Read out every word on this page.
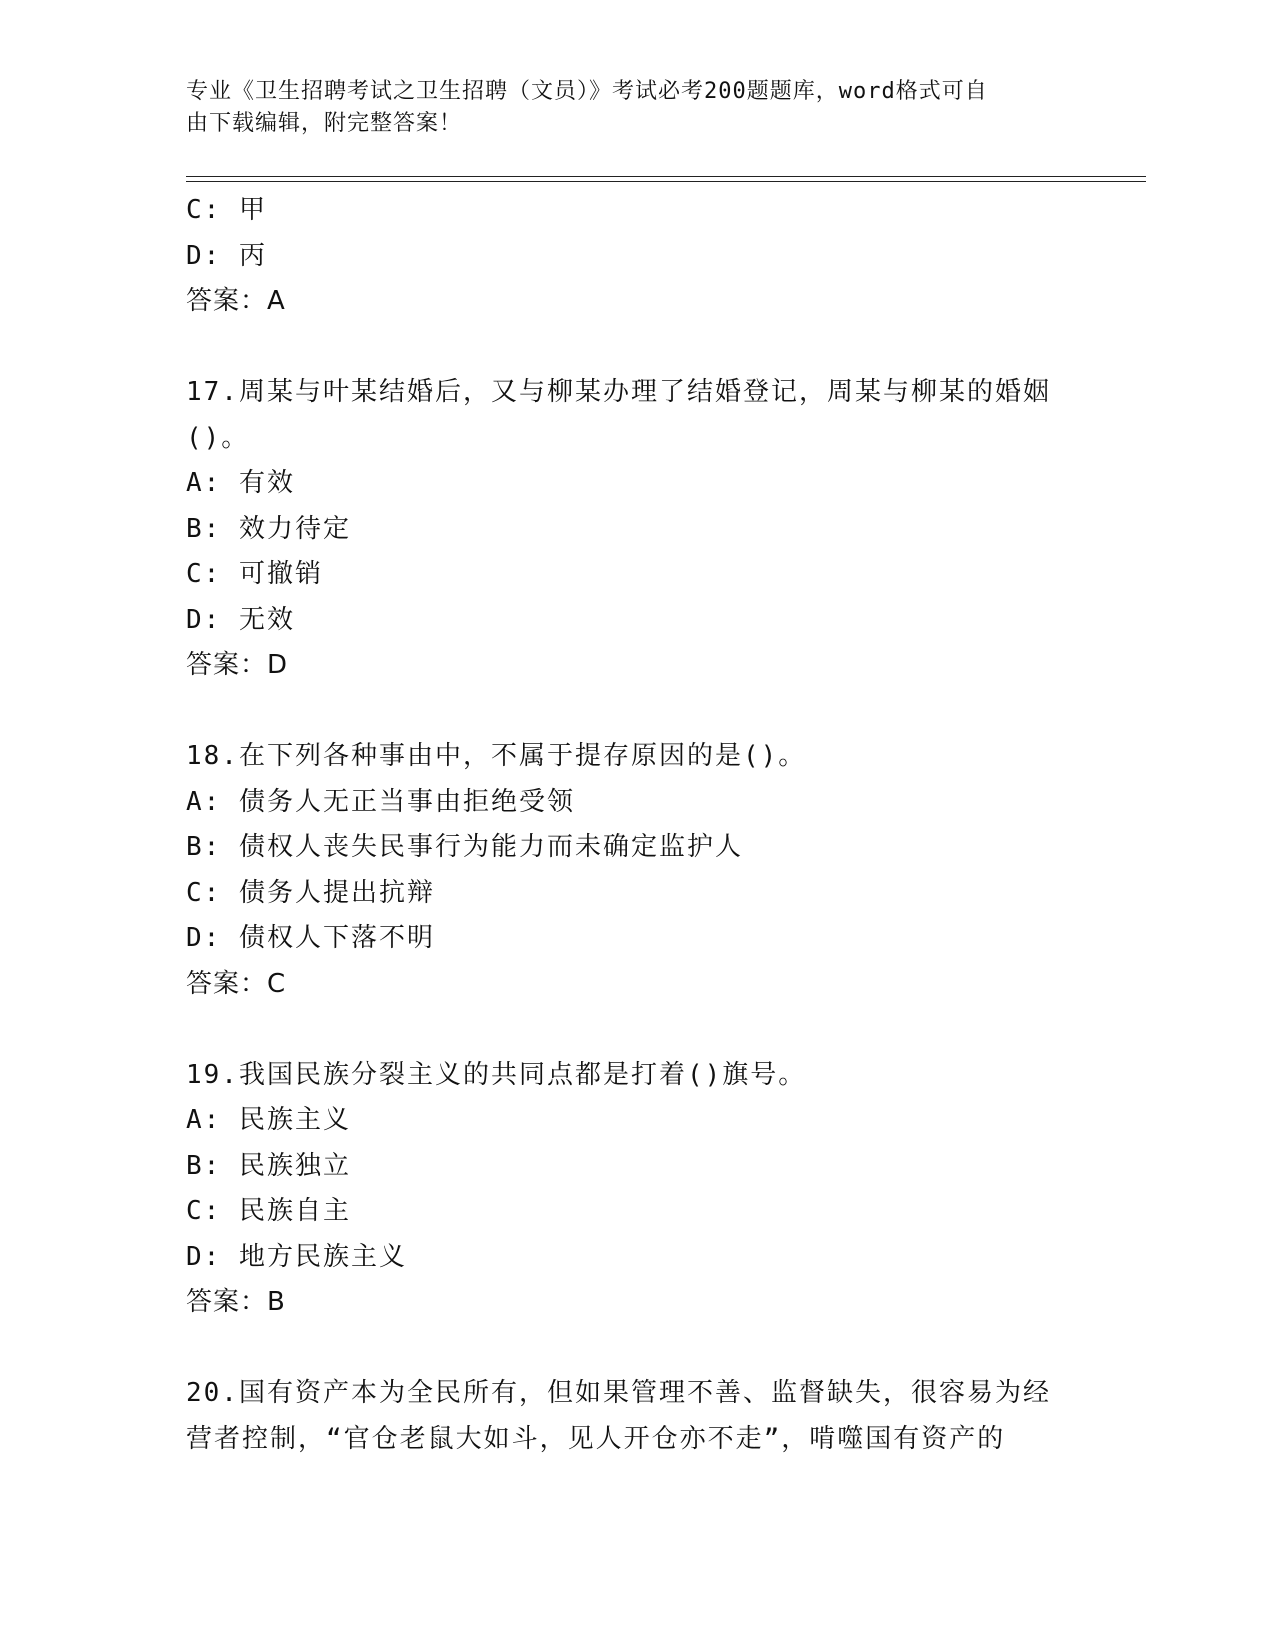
专业《卫生招聘考试之卫生招聘（文员）》考试必考200题题库，word格式可自
由下载编辑，附完整答案！
C: 甲
D: 丙
答案：A
17.周某与叶某结婚后，又与柳某办理了结婚登记，周某与柳某的婚姻
()。
A: 有效
B: 效力待定
C: 可撤销
D: 无效
答案：D
18.在下列各种事由中，不属于提存原因的是()。
A: 债务人无正当事由拒绝受领
B: 债权人丧失民事行为能力而未确定监护人
C: 债务人提出抗辩
D: 债权人下落不明
答案：C
19.我国民族分裂主义的共同点都是打着()旗号。
A: 民族主义
B: 民族独立
C: 民族自主
D: 地方民族主义
答案：B
20.国有资产本为全民所有，但如果管理不善、监督缺失，很容易为经
营者控制，“官仓老鼠大如斗，见人开仓亦不走”，啃噬国有资产的
